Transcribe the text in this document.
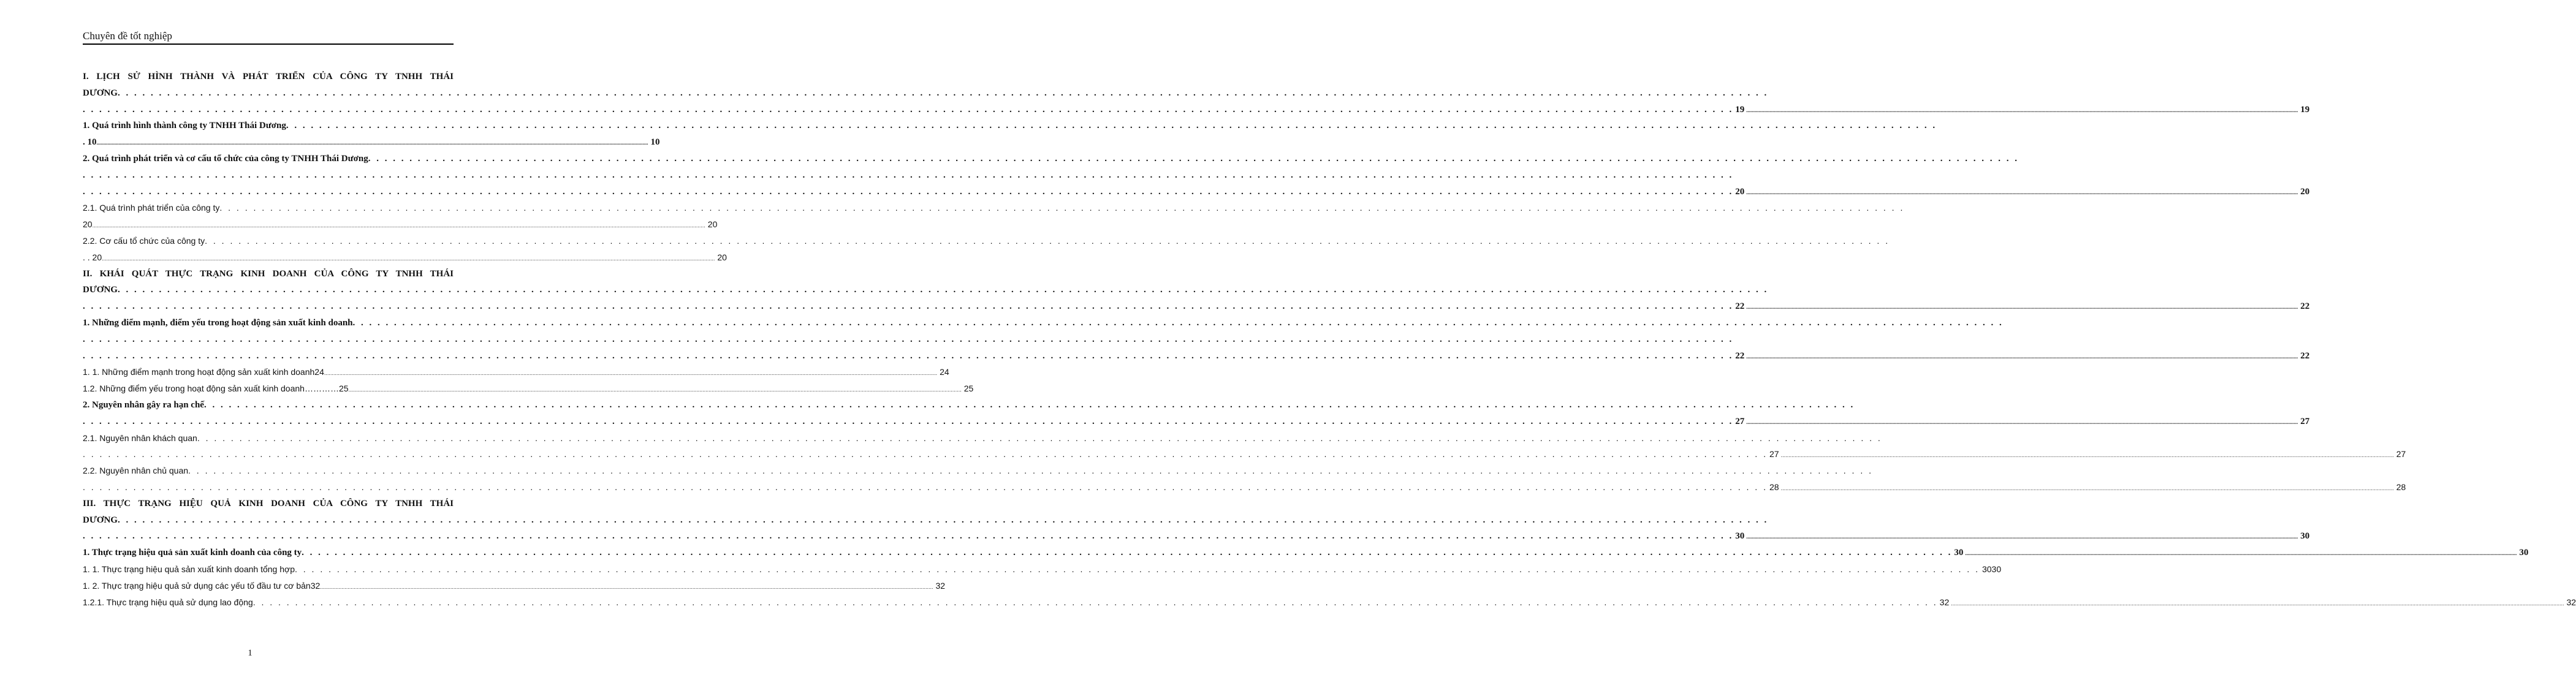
Chuyên đề tốt nghiệp
I. LỊCH SỬ HÌNH THÀNH VÀ PHÁT TRIỂN CỦA CÔNG TY TNHH THÁI
DƯƠNG . . . . . . . . . . . . . . . . . . . . . . . . . . . . . . . . . . . . . . . . . . . . . . . . . . . . . . . . . . . . . . . . . . . . . . . . . . . . . . . . . . . . . . . . . . . . . . . . . . . . . . . . . . . . . . . . . . . . . . . . . . . . . . . . . . . . . . . . . . . . . . . . . . . . . . . . . . . . . . . . . . . . . . . . . . . . . . . . . . . . . . . . . . . . . . . . . . . . . . . .
. . . . . . . . . . . . . . . . . . . . . . . . . . . . . . . . . . . . . . . . . . . . . . . . . . . . . . . . . . . . . . . . . . . . . . . . . . . . . . . . . . . . . . . . . . . . . . . . . . . . . . . . . . . . . . . . . . . . . . . . . . . . . . . . . . . . . . . . . . . . . . . . . . . . . . . . . . . . . . . . . . . . . . . . . . . . . . . . . . . . . . . . . . . . . . . . . . . . . . . . 19 ................................................................................................................................................................................................................................................................................................................................................................................................................ 19
1. Quá trình hình thành công ty TNHH Thái Dương . . . . . . . . . . . . . . . . . . . . . . . . . . . . . . . . . . . . . . . . . . . . . . . . . . . . . . . . . . . . . . . . . . . . . . . . . . . . . . . . . . . . . . . . . . . . . . . . . . . . . . . . . . . . . . . . . . . . . . . . . . . . . . . . . . . . . . . . . . . . . . . . . . . . . . . . . . . . . . . . . . . . . . . . . . . . . . . . . . . . . . . . . . . . . . . . . . . . . . . .
. 10 ................................................................................................................................................................................................................................................................................................................................................................................................................ 10
2. Quá trình phát triển và cơ cấu tổ chức của công ty TNHH Thái Dương . . . . . . . . . . . . . . . . . . . . . . . . . . . . . . . . . . . . . . . . . . . . . . . . . . . . . . . . . . . . . . . . . . . . . . . . . . . . . . . . . . . . . . . . . . . . . . . . . . . . . . . . . . . . . . . . . . . . . . . . . . . . . . . . . . . . . . . . . . . . . . . . . . . . . . . . . . . . . . . . . . . . . . . . . . . . . . . . . . . . . . . . . . . . . . . . . . . . . . . .
. . . . . . . . . . . . . . . . . . . . . . . . . . . . . . . . . . . . . . . . . . . . . . . . . . . . . . . . . . . . . . . . . . . . . . . . . . . . . . . . . . . . . . . . . . . . . . . . . . . . . . . . . . . . . . . . . . . . . . . . . . . . . . . . . . . . . . . . . . . . . . . . . . . . . . . . . . . . . . . . . . . . . . . . . . . . . . . . . . . . . . . . . . . . . . . . . . . . . . . .
. . . . . . . . . . . . . . . . . . . . . . . . . . . . . . . . . . . . . . . . . . . . . . . . . . . . . . . . . . . . . . . . . . . . . . . . . . . . . . . . . . . . . . . . . . . . . . . . . . . . . . . . . . . . . . . . . . . . . . . . . . . . . . . . . . . . . . . . . . . . . . . . . . . . . . . . . . . . . . . . . . . . . . . . . . . . . . . . . . . . . . . . . . . . . . . . . . . . . . . . 20 ................................................................................................................................................................................................................................................................................................................................................................................................................ 20
2.1. Quá trình phát triển của công ty . . . . . . . . . . . . . . . . . . . . . . . . . . . . . . . . . . . . . . . . . . . . . . . . . . . . . . . . . . . . . . . . . . . . . . . . . . . . . . . . . . . . . . . . . . . . . . . . . . . . . . . . . . . . . . . . . . . . . . . . . . . . . . . . . . . . . . . . . . . . . . . . . . . . . . . . . . . . . . . . . . . . . . . . . . . . . . . . . . . . . . . . . . . . . . . . . . . . . . . .
20 ................................................................................................................................................................................................................................................................................................................................................................................................................ 20
2.2. Cơ cấu tổ chức của công ty . . . . . . . . . . . . . . . . . . . . . . . . . . . . . . . . . . . . . . . . . . . . . . . . . . . . . . . . . . . . . . . . . . . . . . . . . . . . . . . . . . . . . . . . . . . . . . . . . . . . . . . . . . . . . . . . . . . . . . . . . . . . . . . . . . . . . . . . . . . . . . . . . . . . . . . . . . . . . . . . . . . . . . . . . . . . . . . . . . . . . . . . . . . . . . . . . . . . . . . .
. . 20 ................................................................................................................................................................................................................................................................................................................................................................................................................ 20
II. KHÁI QUÁT THỰC TRẠNG KINH DOANH CỦA CÔNG TY TNHH THÁI
DƯƠNG . . . . . . . . . . . . . . . . . . . . . . . . . . . . . . . . . . . . . . . . . . . . . . . . . . . . . . . . . . . . . . . . . . . . . . . . . . . . . . . . . . . . . . . . . . . . . . . . . . . . . . . . . . . . . . . . . . . . . . . . . . . . . . . . . . . . . . . . . . . . . . . . . . . . . . . . . . . . . . . . . . . . . . . . . . . . . . . . . . . . . . . . . . . . . . . . . . . . . . . .
. . . . . . . . . . . . . . . . . . . . . . . . . . . . . . . . . . . . . . . . . . . . . . . . . . . . . . . . . . . . . . . . . . . . . . . . . . . . . . . . . . . . . . . . . . . . . . . . . . . . . . . . . . . . . . . . . . . . . . . . . . . . . . . . . . . . . . . . . . . . . . . . . . . . . . . . . . . . . . . . . . . . . . . . . . . . . . . . . . . . . . . . . . . . . . . . . . . . . . . . 22 ................................................................................................................................................................................................................................................................................................................................................................................................................ 22
1. Những điểm mạnh, điểm yếu trong hoạt động sản xuất kinh doanh . . . . . . . . . . . . . . . . . . . . . . . . . . . . . . . . . . . . . . . . . . . . . . . . . . . . . . . . . . . . . . . . . . . . . . . . . . . . . . . . . . . . . . . . . . . . . . . . . . . . . . . . . . . . . . . . . . . . . . . . . . . . . . . . . . . . . . . . . . . . . . . . . . . . . . . . . . . . . . . . . . . . . . . . . . . . . . . . . . . . . . . . . . . . . . . . . . . . . . . .
. . . . . . . . . . . . . . . . . . . . . . . . . . . . . . . . . . . . . . . . . . . . . . . . . . . . . . . . . . . . . . . . . . . . . . . . . . . . . . . . . . . . . . . . . . . . . . . . . . . . . . . . . . . . . . . . . . . . . . . . . . . . . . . . . . . . . . . . . . . . . . . . . . . . . . . . . . . . . . . . . . . . . . . . . . . . . . . . . . . . . . . . . . . . . . . . . . . . . . . .
. . . . . . . . . . . . . . . . . . . . . . . . . . . . . . . . . . . . . . . . . . . . . . . . . . . . . . . . . . . . . . . . . . . . . . . . . . . . . . . . . . . . . . . . . . . . . . . . . . . . . . . . . . . . . . . . . . . . . . . . . . . . . . . . . . . . . . . . . . . . . . . . . . . . . . . . . . . . . . . . . . . . . . . . . . . . . . . . . . . . . . . . . . . . . . . . . . . . . . . . 22 ................................................................................................................................................................................................................................................................................................................................................................................................................ 22
1. 1. Những điểm mạnh trong hoạt động sản xuất kinh doanh24 ................................................................................................................................................................................................................................................................................................................................................................................................................ 24
1.2. Những điểm yếu trong hoạt động sản xuất kinh doanh…………25 ................................................................................................................................................................................................................................................................................................................................................................................................................ 25
2. Nguyên nhân gây ra hạn chế . . . . . . . . . . . . . . . . . . . . . . . . . . . . . . . . . . . . . . . . . . . . . . . . . . . . . . . . . . . . . . . . . . . . . . . . . . . . . . . . . . . . . . . . . . . . . . . . . . . . . . . . . . . . . . . . . . . . . . . . . . . . . . . . . . . . . . . . . . . . . . . . . . . . . . . . . . . . . . . . . . . . . . . . . . . . . . . . . . . . . . . . . . . . . . . . . . . . . . . .
. . . . . . . . . . . . . . . . . . . . . . . . . . . . . . . . . . . . . . . . . . . . . . . . . . . . . . . . . . . . . . . . . . . . . . . . . . . . . . . . . . . . . . . . . . . . . . . . . . . . . . . . . . . . . . . . . . . . . . . . . . . . . . . . . . . . . . . . . . . . . . . . . . . . . . . . . . . . . . . . . . . . . . . . . . . . . . . . . . . . . . . . . . . . . . . . . . . . . . . . 27 ................................................................................................................................................................................................................................................................................................................................................................................................................ 27
2.1. Nguyên nhân khách quan . . . . . . . . . . . . . . . . . . . . . . . . . . . . . . . . . . . . . . . . . . . . . . . . . . . . . . . . . . . . . . . . . . . . . . . . . . . . . . . . . . . . . . . . . . . . . . . . . . . . . . . . . . . . . . . . . . . . . . . . . . . . . . . . . . . . . . . . . . . . . . . . . . . . . . . . . . . . . . . . . . . . . . . . . . . . . . . . . . . . . . . . . . . . . . . . . . . . . . . .
. . . . . . . . . . . . . . . . . . . . . . . . . . . . . . . . . . . . . . . . . . . . . . . . . . . . . . . . . . . . . . . . . . . . . . . . . . . . . . . . . . . . . . . . . . . . . . . . . . . . . . . . . . . . . . . . . . . . . . . . . . . . . . . . . . . . . . . . . . . . . . . . . . . . . . . . . . . . . . . . . . . . . . . . . . . . . . . . . . . . . . . . . . . . . . . . . . . . . . . . 27 ................................................................................................................................................................................................................................................................................................................................................................................................................ 27
2.2. Nguyên nhân chủ quan . . . . . . . . . . . . . . . . . . . . . . . . . . . . . . . . . . . . . . . . . . . . . . . . . . . . . . . . . . . . . . . . . . . . . . . . . . . . . . . . . . . . . . . . . . . . . . . . . . . . . . . . . . . . . . . . . . . . . . . . . . . . . . . . . . . . . . . . . . . . . . . . . . . . . . . . . . . . . . . . . . . . . . . . . . . . . . . . . . . . . . . . . . . . . . . . . . . . . . . .
. . . . . . . . . . . . . . . . . . . . . . . . . . . . . . . . . . . . . . . . . . . . . . . . . . . . . . . . . . . . . . . . . . . . . . . . . . . . . . . . . . . . . . . . . . . . . . . . . . . . . . . . . . . . . . . . . . . . . . . . . . . . . . . . . . . . . . . . . . . . . . . . . . . . . . . . . . . . . . . . . . . . . . . . . . . . . . . . . . . . . . . . . . . . . . . . . . . . . . . . 28 ................................................................................................................................................................................................................................................................................................................................................................................................................ 28
III. THỰC TRẠNG HIỆU QUẢ KINH DOANH CỦA CÔNG TY TNHH THÁI
DƯƠNG . . . . . . . . . . . . . . . . . . . . . . . . . . . . . . . . . . . . . . . . . . . . . . . . . . . . . . . . . . . . . . . . . . . . . . . . . . . . . . . . . . . . . . . . . . . . . . . . . . . . . . . . . . . . . . . . . . . . . . . . . . . . . . . . . . . . . . . . . . . . . . . . . . . . . . . . . . . . . . . . . . . . . . . . . . . . . . . . . . . . . . . . . . . . . . . . . . . . . . . .
. . . . . . . . . . . . . . . . . . . . . . . . . . . . . . . . . . . . . . . . . . . . . . . . . . . . . . . . . . . . . . . . . . . . . . . . . . . . . . . . . . . . . . . . . . . . . . . . . . . . . . . . . . . . . . . . . . . . . . . . . . . . . . . . . . . . . . . . . . . . . . . . . . . . . . . . . . . . . . . . . . . . . . . . . . . . . . . . . . . . . . . . . . . . . . . . . . . . . . . . 30 ................................................................................................................................................................................................................................................................................................................................................................................................................ 30
1. Thực trạng hiệu quả sản xuất kinh doanh của công ty . . . . . . . . . . . . . . . . . . . . . . . . . . . . . . . . . . . . . . . . . . . . . . . . . . . . . . . . . . . . . . . . . . . . . . . . . . . . . . . . . . . . . . . . . . . . . . . . . . . . . . . . . . . . . . . . . . . . . . . . . . . . . . . . . . . . . . . . . . . . . . . . . . . . . . . . . . . . . . . . . . . . . . . . . . . . . . . . . . . . . . . . . . . . . . . . . . . . . . . . 30 ................................................................................................................................................................................................................................................................................................................................................................................................................ 30
1. 1. Thực trạng hiệu quả sản xuất kinh doanh tổng hợp . . . . . . . . . . . . . . . . . . . . . . . . . . . . . . . . . . . . . . . . . . . . . . . . . . . . . . . . . . . . . . . . . . . . . . . . . . . . . . . . . . . . . . . . . . . . . . . . . . . . . . . . . . . . . . . . . . . . . . . . . . . . . . . . . . . . . . . . . . . . . . . . . . . . . . . . . . . . . . . . . . . . . . . . . . . . . . . . . . . . . . . . . . . . . . . . . . . . . . . . 3030
1. 2. Thực trạng hiệu quả sử dụng các yếu tố đầu tư cơ bản32 ................................................................................................................................................................................................................................................................................................................................................................................................................ 32
1.2.1. Thực trạng hiệu quả sử dụng lao động . . . . . . . . . . . . . . . . . . . . . . . . . . . . . . . . . . . . . . . . . . . . . . . . . . . . . . . . . . . . . . . . . . . . . . . . . . . . . . . . . . . . . . . . . . . . . . . . . . . . . . . . . . . . . . . . . . . . . . . . . . . . . . . . . . . . . . . . . . . . . . . . . . . . . . . . . . . . . . . . . . . . . . . . . . . . . . . . . . . . . . . . . . . . . . . . . . . . . . . . 32 ................................................................................................................................................................................................................................................................................................................................................................................................................ 32
1
